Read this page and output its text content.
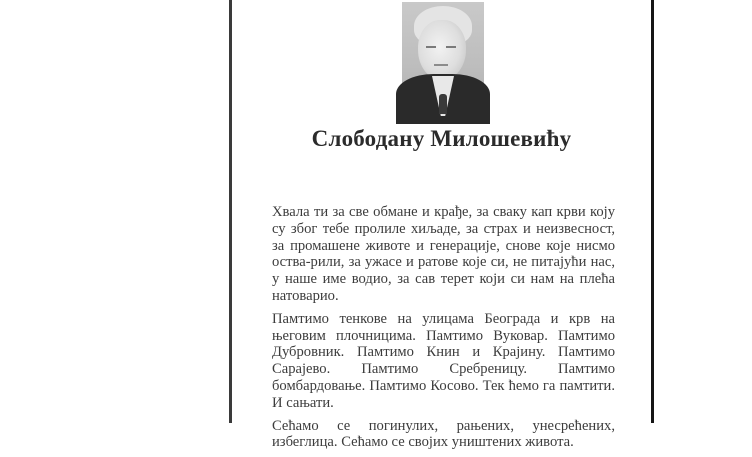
Слободану Милошевићу

Хвала ти за све обмане и крађе, за сваку кап крви коју су због тебе пролиле хиљаде, за страх и неизвесност, за промашене животе и генерације, снове које нисмо оства-рили, за ужасе и ратове које си, не питајући нас, у наше име водио, за сав терет који си нам на плећа натоварио.

Памтимо тенкове на улицама Београда и крв на његовим плочницима. Памтимо Вуковар. Памтимо Дубровник. Памтимо Книн и Крајину. Памтимо Сарајево. Памтимо Сребреницу. Памтимо бомбардовање. Памтимо Косово. Тек ћемо га памтити. И сањати.

Сећамо се погинулих, рањених, унесрећених, избеглица. Сећамо се својих уништених живота.
